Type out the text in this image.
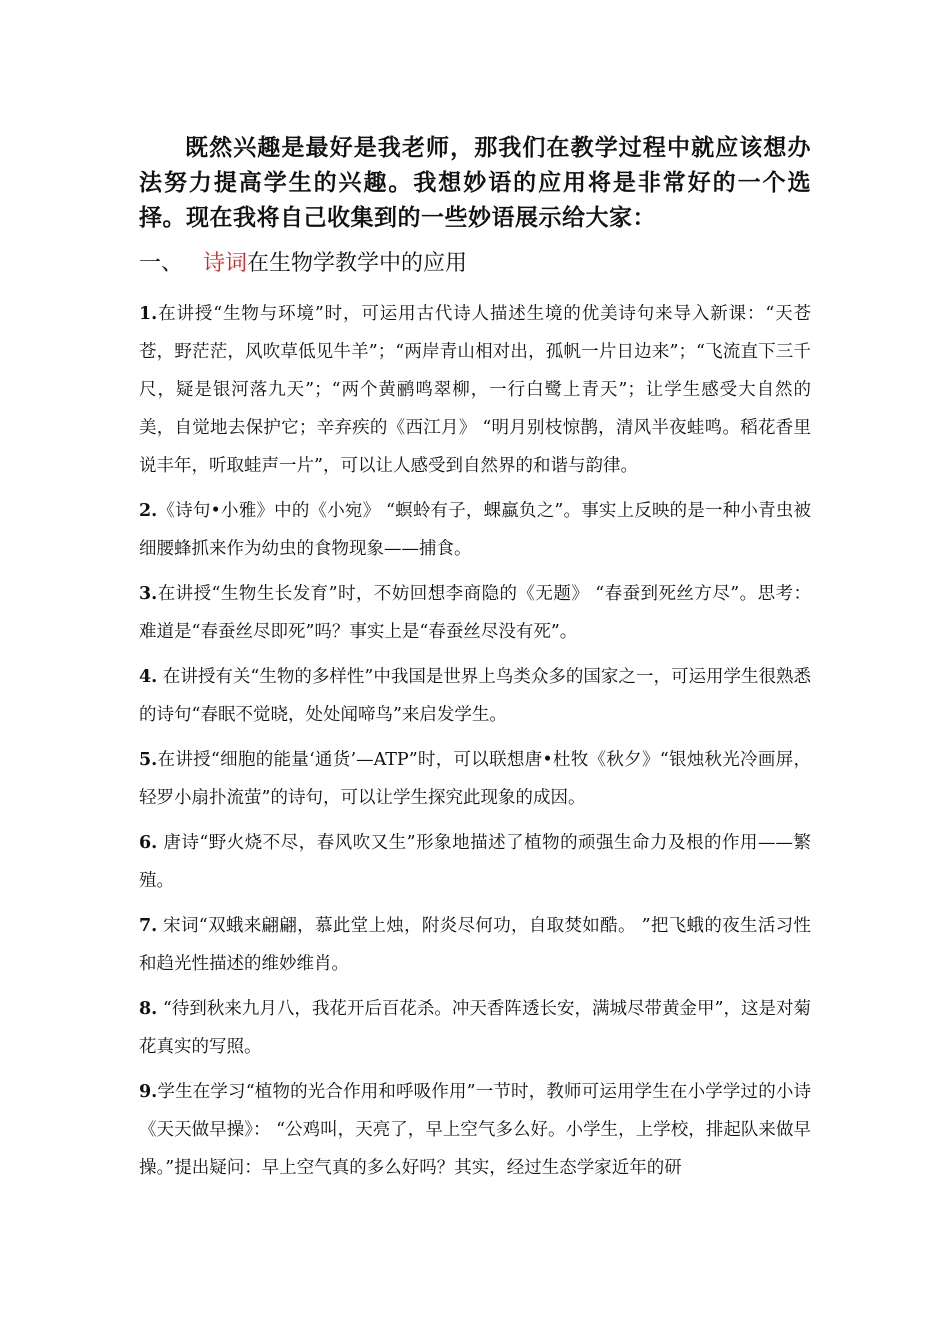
既然兴趣是最好是我老师，那我们在教学过程中就应该想办法努力提高学生的兴趣。我想妙语的应用将是非常好的一个选择。现在我将自己收集到的一些妙语展示给大家：

一、 诗词在生物学教学中的应用

1.在讲授“生物与环境”时，可运用古代诗人描述生境的优美诗句来导入新课：“天苍苍，野茫茫，风吹草低见牛羊”；“两岸青山相对出，孤帆一片日边来”；“飞流直下三千尺，疑是银河落九天”；“两个黄鹂鸣翠柳，一行白鹭上青天”；让学生感受大自然的美，自觉地去保护它；辛弃疾的《西江月》 “明月别枝惊鹊，清风半夜蛙鸣。稻花香里说丰年，听取蛙声一片”，可以让人感受到自然界的和谐与韵律。

2.《诗句•小雅》中的《小宛》 “螟蛉有子，蜾蠃负之”。事实上反映的是一种小青虫被细腰蜂抓来作为幼虫的食物现象——捕食。

3.在讲授“生物生长发育”时，不妨回想李商隐的《无题》 “春蚕到死丝方尽”。思考：难道是“春蚕丝尽即死”吗？事实上是“春蚕丝尽没有死”。

4. 在讲授有关“生物的多样性”中我国是世界上鸟类众多的国家之一，可运用学生很熟悉的诗句“春眠不觉晓，处处闻啼鸟”来启发学生。

5.在讲授“细胞的能量‘通货’—ATP”时，可以联想唐•杜牧《秋夕》“银烛秋光冷画屏，轻罗小扇扑流萤”的诗句，可以让学生探究此现象的成因。

6. 唐诗“野火烧不尽，春风吹又生”形象地描述了植物的顽强生命力及根的作用——繁殖。

7. 宋词“双蛾来翩翩，慕此堂上烛，附炎尽何功，自取焚如酷。 ”把飞蛾的夜生活习性和趋光性描述的维妙维肖。

8. “待到秋来九月八，我花开后百花杀。冲天香阵透长安，满城尽带黄金甲”，这是对菊花真实的写照。

9.学生在学习“植物的光合作用和呼吸作用”一节时，教师可运用学生在小学学过的小诗《天天做早操》： “公鸡叫，天亮了，早上空气多么好。小学生，上学校，排起队来做早操。”提出疑问：早上空气真的多么好吗？其实，经过生态学家近年的研
